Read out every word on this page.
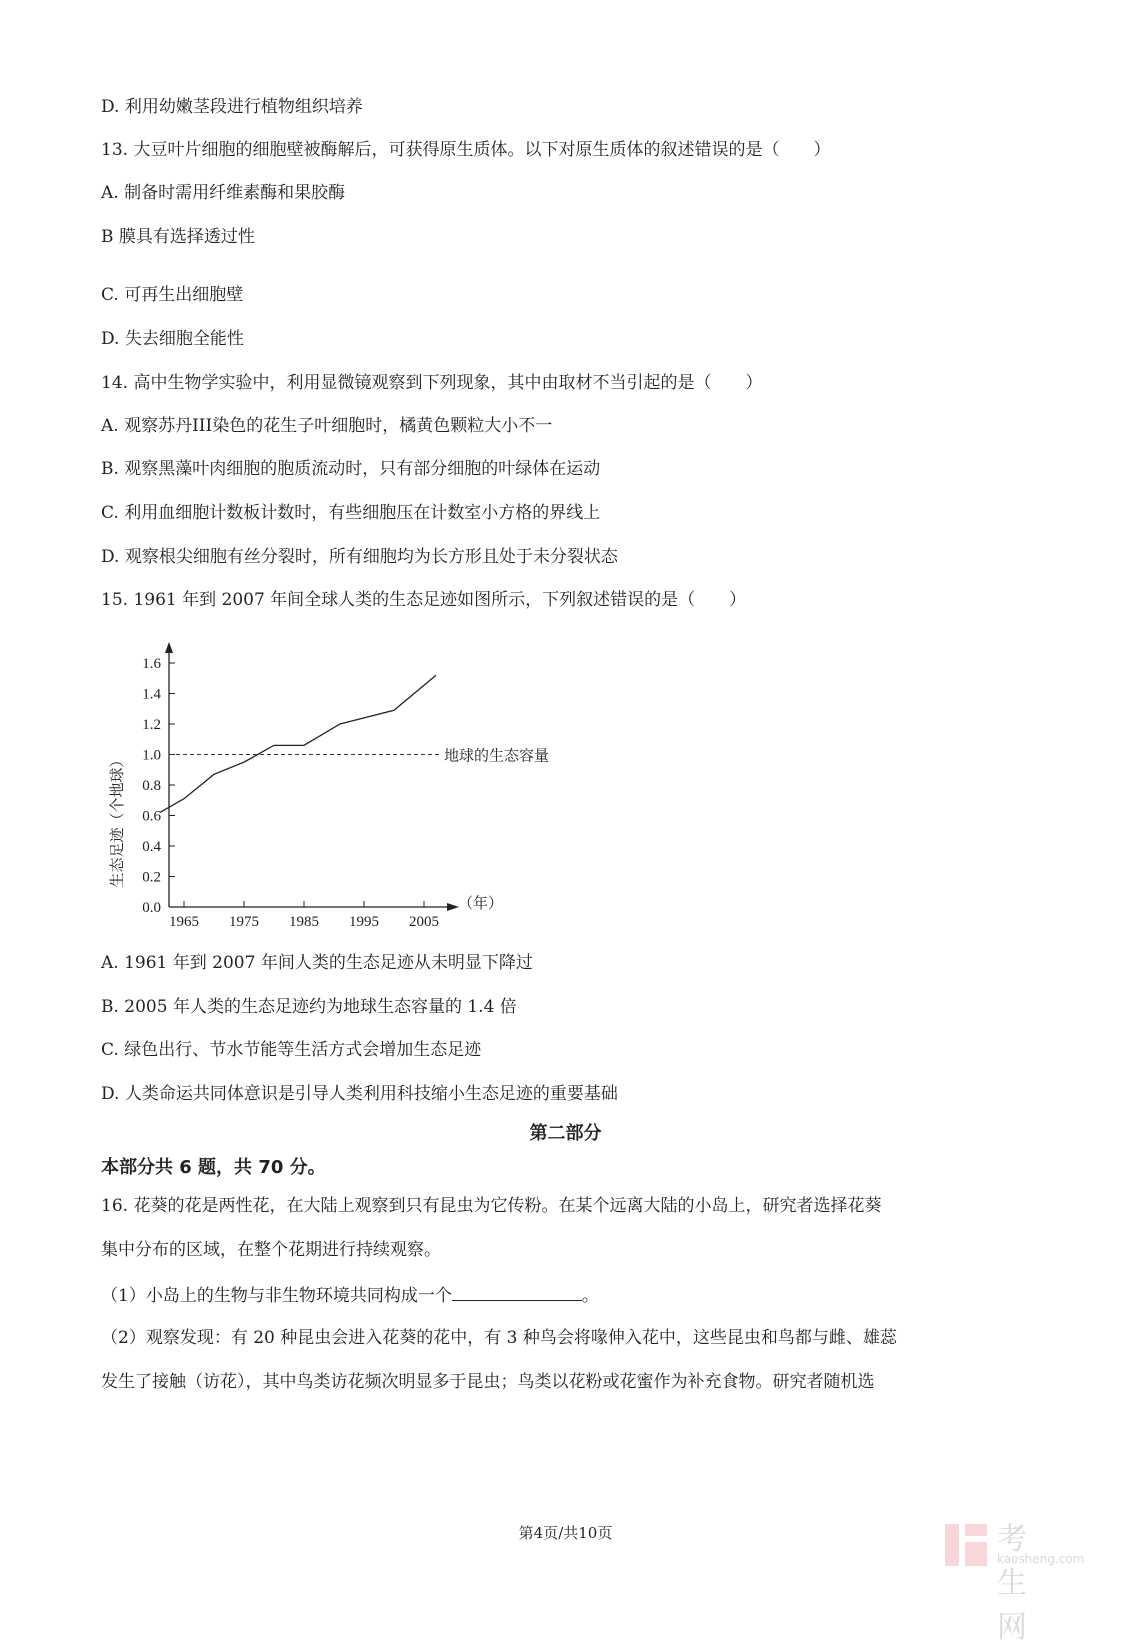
D. 利用幼嫩茎段进行植物组织培养
13. 大豆叶片细胞的细胞壁被酶解后，可获得原生质体。以下对原生质体的叙述错误的是（　　）
A. 制备时需用纤维素酶和果胶酶
B 膜具有选择透过性
C. 可再生出细胞壁
D. 失去细胞全能性
14. 高中生物学实验中，利用显微镜观察到下列现象，其中由取材不当引起的是（　　）
A. 观察苏丹III染色的花生子叶细胞时，橘黄色颗粒大小不一
B. 观察黑藻叶肉细胞的胞质流动时，只有部分细胞的叶绿体在运动
C. 利用血细胞计数板计数时，有些细胞压在计数室小方格的界线上
D. 观察根尖细胞有丝分裂时，所有细胞均为长方形且处于未分裂状态
15. 1961 年到 2007 年间全球人类的生态足迹如图所示，下列叙述错误的是（　　）
0.0
0.2
0.4
0.6
0.8
1.0
1.2
1.4
1.6
1965 1975 1985 1995 2005
地球的生态容量
生态足迹（个地球）
（年）
A. 1961 年到 2007 年间人类的生态足迹从未明显下降过
B. 2005 年人类的生态足迹约为地球生态容量的 1.4 倍
C. 绿色出行、节水节能等生活方式会增加生态足迹
D. 人类命运共同体意识是引导人类利用科技缩小生态足迹的重要基础
第二部分
本部分共 6 题，共 70 分。
16. 花葵的花是两性花，在大陆上观察到只有昆虫为它传粉。在某个远离大陆的小岛上，研究者选择花葵
集中分布的区域，在整个花期进行持续观察。
（1）小岛上的生物与非生物环境共同构成一个	。
（2）观察发现：有 20 种昆虫会进入花葵的花中，有 3 种鸟会将喙伸入花中，这些昆虫和鸟都与雌、雄蕊
发生了接触（访花），其中鸟类访花频次明显多于昆虫；鸟类以花粉或花蜜作为补充食物。研究者随机选
第4页/共10页	考生网
kaosheng.com
